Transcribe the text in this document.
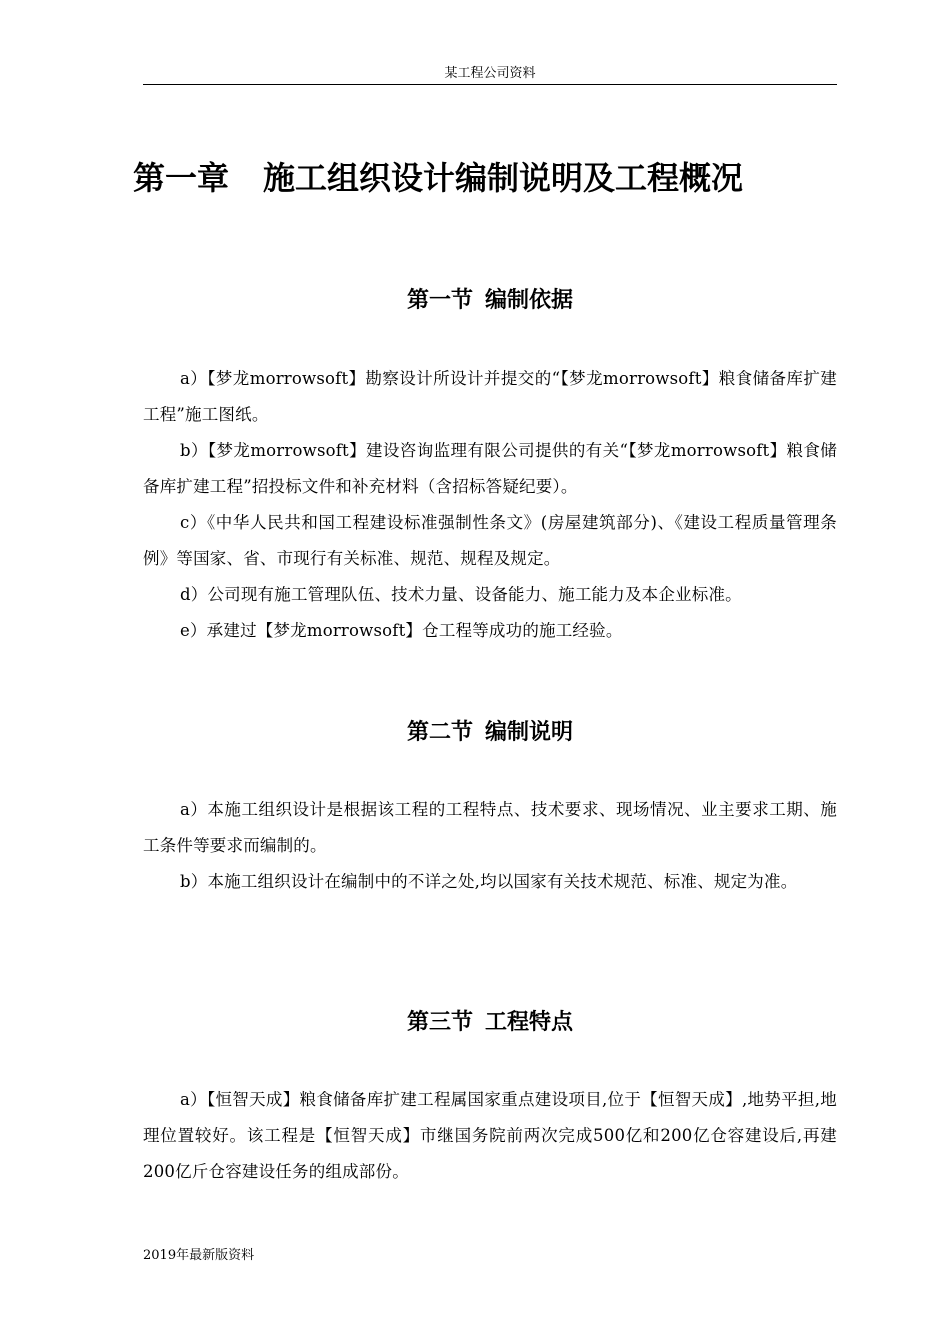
某工程公司资料
第一章 施工组织设计编制说明及工程概况
第一节 编制依据

a）【梦龙morrowsoft】勘察设计所设计并提交的“【梦龙morrowsoft】粮食储备库扩建工程”施工图纸。

b）【梦龙morrowsoft】建设咨询监理有限公司提供的有关“【梦龙morrowsoft】粮食储备库扩建工程”招投标文件和补充材料（含招标答疑纪要）。

c）《中华人民共和国工程建设标准强制性条文》(房屋建筑部分)、《建设工程质量管理条例》等国家、省、市现行有关标准、规范、规程及规定。

d）公司现有施工管理队伍、技术力量、设备能力、施工能力及本企业标准。

e）承建过【梦龙morrowsoft】仓工程等成功的施工经验。

第二节 编制说明

a）本施工组织设计是根据该工程的工程特点、技术要求、现场情况、业主要求工期、施工条件等要求而编制的。

b）本施工组织设计在编制中的不详之处,均以国家有关技术规范、标准、规定为准。

第三节 工程特点

a）【恒智天成】粮食储备库扩建工程属国家重点建设项目,位于【恒智天成】,地势平担,地理位置较好。该工程是【恒智天成】市继国务院前两次完成500亿和200亿仓容建设后,再建200亿斤仓容建设任务的组成部份。

2019年最新版资料
